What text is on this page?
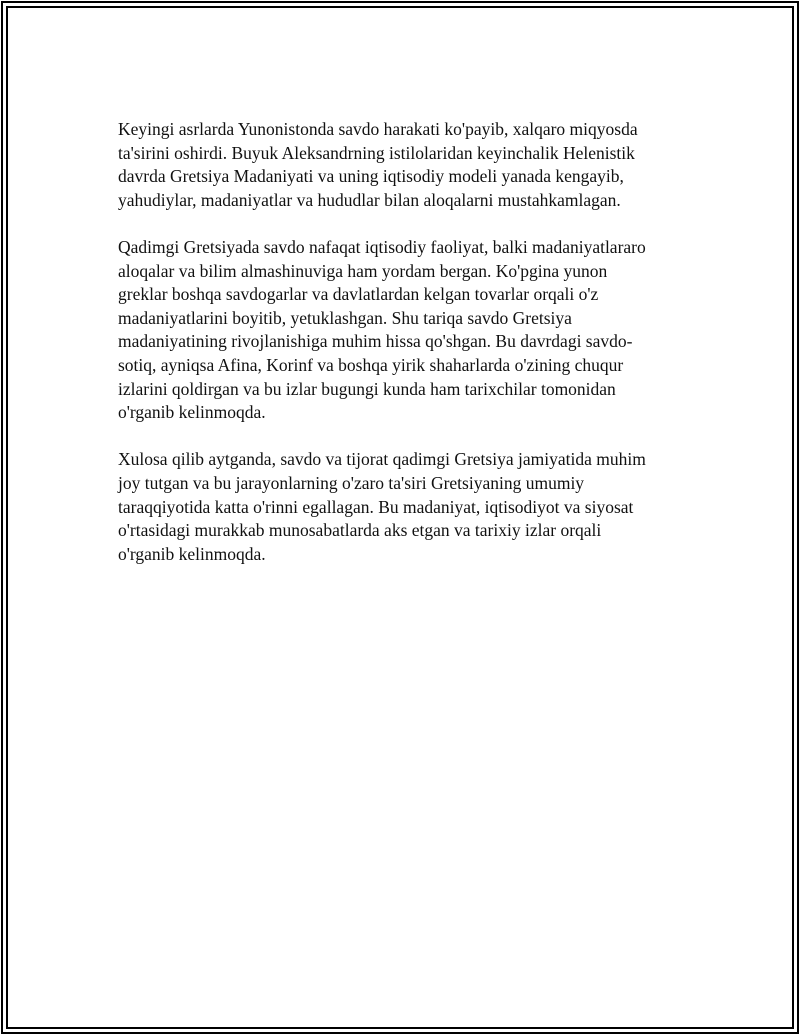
Keyingi asrlarda Yunonistonda savdo harakati ko'payib, xalqaro miqyosda
ta'sirini oshirdi. Buyuk Aleksandrning istilolaridan keyinchalik Helenistik
davrda Gretsiya Madaniyati va uning iqtisodiy modeli yanada kengayib,
yahudiylar, madaniyatlar va hududlar bilan aloqalarni mustahkamlagan.

Qadimgi Gretsiyada savdo nafaqat iqtisodiy faoliyat, balki madaniyatlararo
aloqalar va bilim almashinuviga ham yordam bergan. Ko'pgina yunon
greklar boshqa savdogarlar va davlatlardan kelgan tovarlar orqali o'z
madaniyatlarini boyitib, yetuklashgan. Shu tariqa savdo Gretsiya
madaniyatining rivojlanishiga muhim hissa qo'shgan. Bu davrdagi savdo-
sotiq, ayniqsa Afina, Korinf va boshqa yirik shaharlarda o'zining chuqur
izlarini qoldirgan va bu izlar bugungi kunda ham tarixchilar tomonidan
o'rganib kelinmoqda.

Xulosa qilib aytganda, savdo va tijorat qadimgi Gretsiya jamiyatida muhim
joy tutgan va bu jarayonlarning o'zaro ta'siri Gretsiyaning umumiy
taraqqiyotida katta o'rinni egallagan. Bu madaniyat, iqtisodiyot va siyosat
o'rtasidagi murakkab munosabatlarda aks etgan va tarixiy izlar orqali
o'rganib kelinmoqda.
